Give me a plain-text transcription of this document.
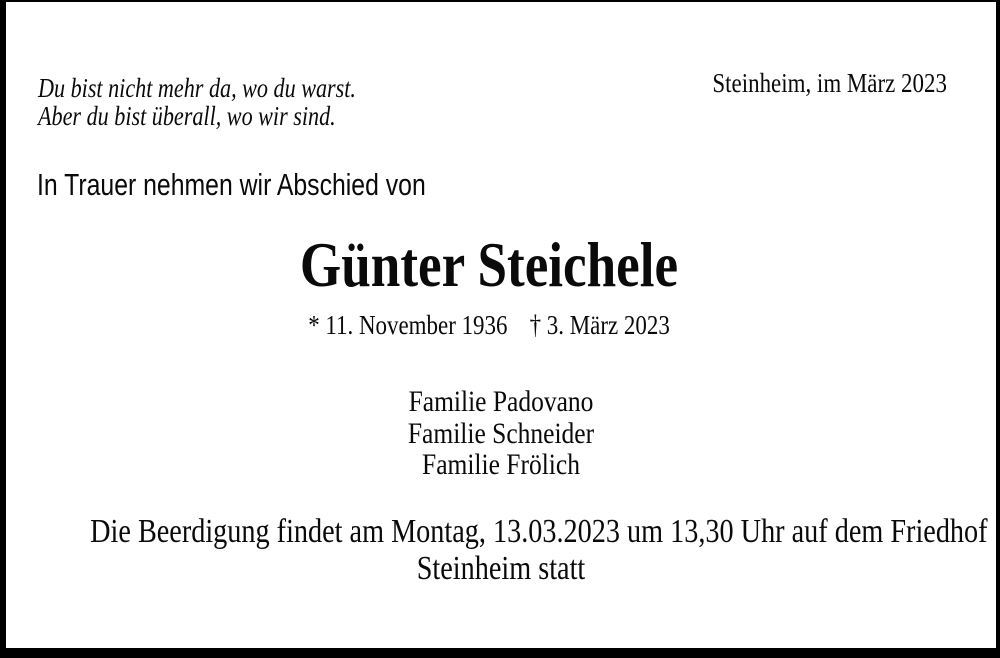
Du bist nicht mehr da, wo du warst.
Aber du bist überall, wo wir sind.
Steinheim, im März 2023
In Trauer nehmen wir Abschied von
Günter Steichele
* 11. November 1936 † 3. März 2023
Familie Padovano
Familie Schneider
Familie Frölich
Die Beerdigung findet am Montag, 13.03.2023 um 13,30 Uhr auf dem Friedhof
Steinheim statt
